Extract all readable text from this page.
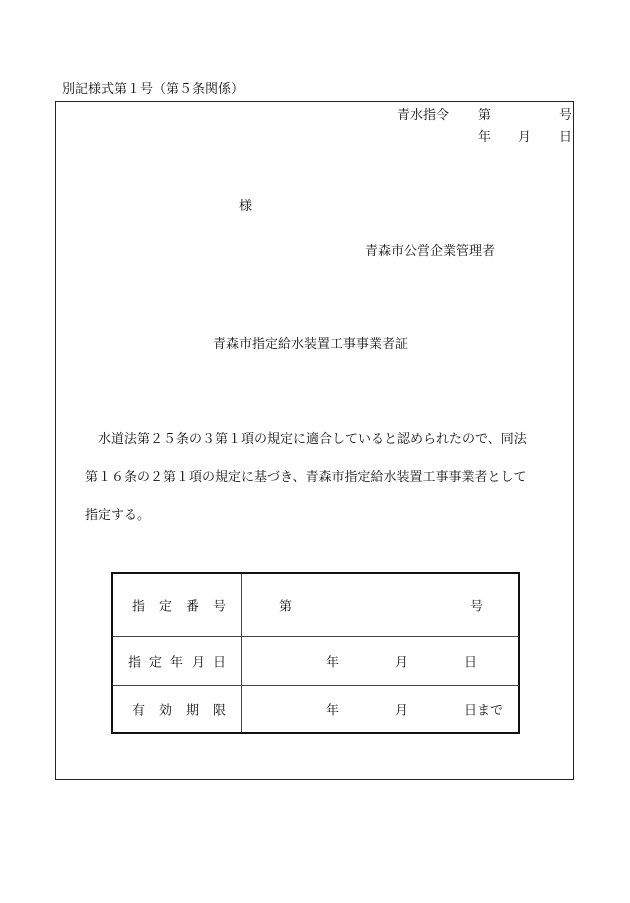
別記様式第１号（第５条関係）
青水指令 第	号
年 月 日
様
青森市公営企業管理者
青森市指定給水装置工事事業者証
水道法第２５条の３第１項の規定に適合していると認められたので、同法
第１６条の２第１項の規定に基づき、青森市指定給水装置工事事業者として
指定する。
指 定 番 号	第 号

指 定 年 月 日	年 月 日

有 効 期 限	年 月 日まで
